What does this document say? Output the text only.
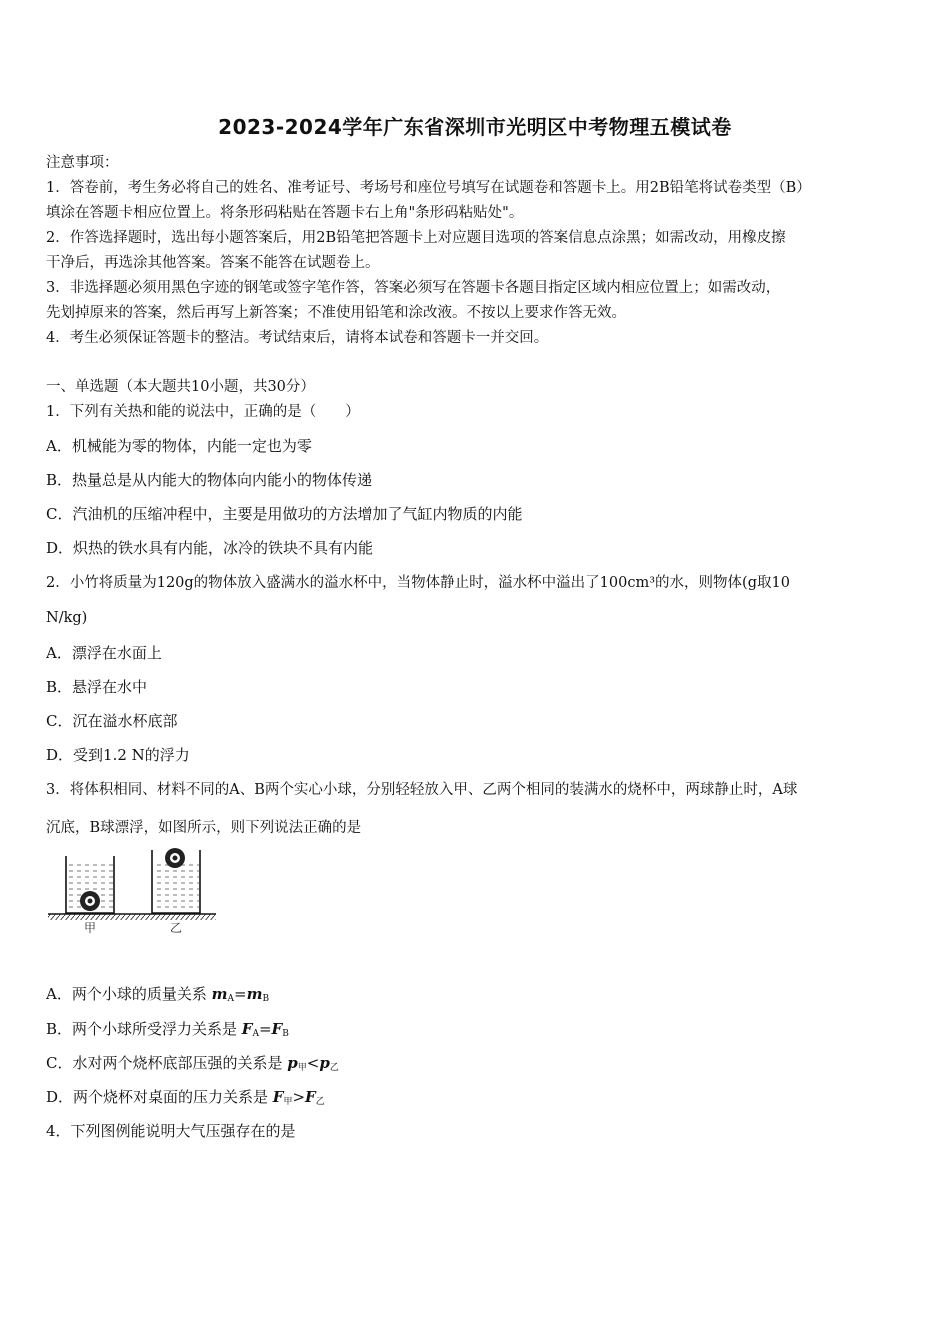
2023-2024学年广东省深圳市光明区中考物理五模试卷
注意事项：
1．答卷前，考生务必将自己的姓名、准考证号、考场号和座位号填写在试题卷和答题卡上。用2B铅笔将试卷类型（B）
填涂在答题卡相应位置上。将条形码粘贴在答题卡右上角"条形码粘贴处"。
2．作答选择题时，选出每小题答案后，用2B铅笔把答题卡上对应题目选项的答案信息点涂黑；如需改动，用橡皮擦
干净后，再选涂其他答案。答案不能答在试题卷上。
3．非选择题必须用黑色字迹的钢笔或签字笔作答，答案必须写在答题卡各题目指定区域内相应位置上；如需改动，
先划掉原来的答案，然后再写上新答案；不准使用铅笔和涂改液。不按以上要求作答无效。
4．考生必须保证答题卡的整洁。考试结束后，请将本试卷和答题卡一并交回。
一、单选题（本大题共10小题，共30分）
1．下列有关热和能的说法中，正确的是（　　）
A．机械能为零的物体，内能一定也为零
B．热量总是从内能大的物体向内能小的物体传递
C．汽油机的压缩冲程中，主要是用做功的方法增加了气缸内物质的内能
D．炽热的铁水具有内能，冰冷的铁块不具有内能
2．小竹将质量为120g的物体放入盛满水的溢水杯中，当物体静止时，溢水杯中溢出了100cm³的水，则物体(g取10
N/kg)
A．漂浮在水面上
B．悬浮在水中
C．沉在溢水杯底部
D．受到1.2 N的浮力
3．将体积相同、材料不同的A、B两个实心小球，分别轻轻放入甲、乙两个相同的装满水的烧杯中，两球静止时，A球
沉底，B球漂浮，如图所示，则下列说法正确的是
甲	乙
A．两个小球的质量关系 $m_A=m_B$
B．两个小球所受浮力关系是 $F_A=F_B$
C．水对两个烧杯底部压强的关系是 $p_甲<p_乙$
D．两个烧杯对桌面的压力关系是 $F_甲>F_乙$
4．下列图例能说明大气压强存在的是
